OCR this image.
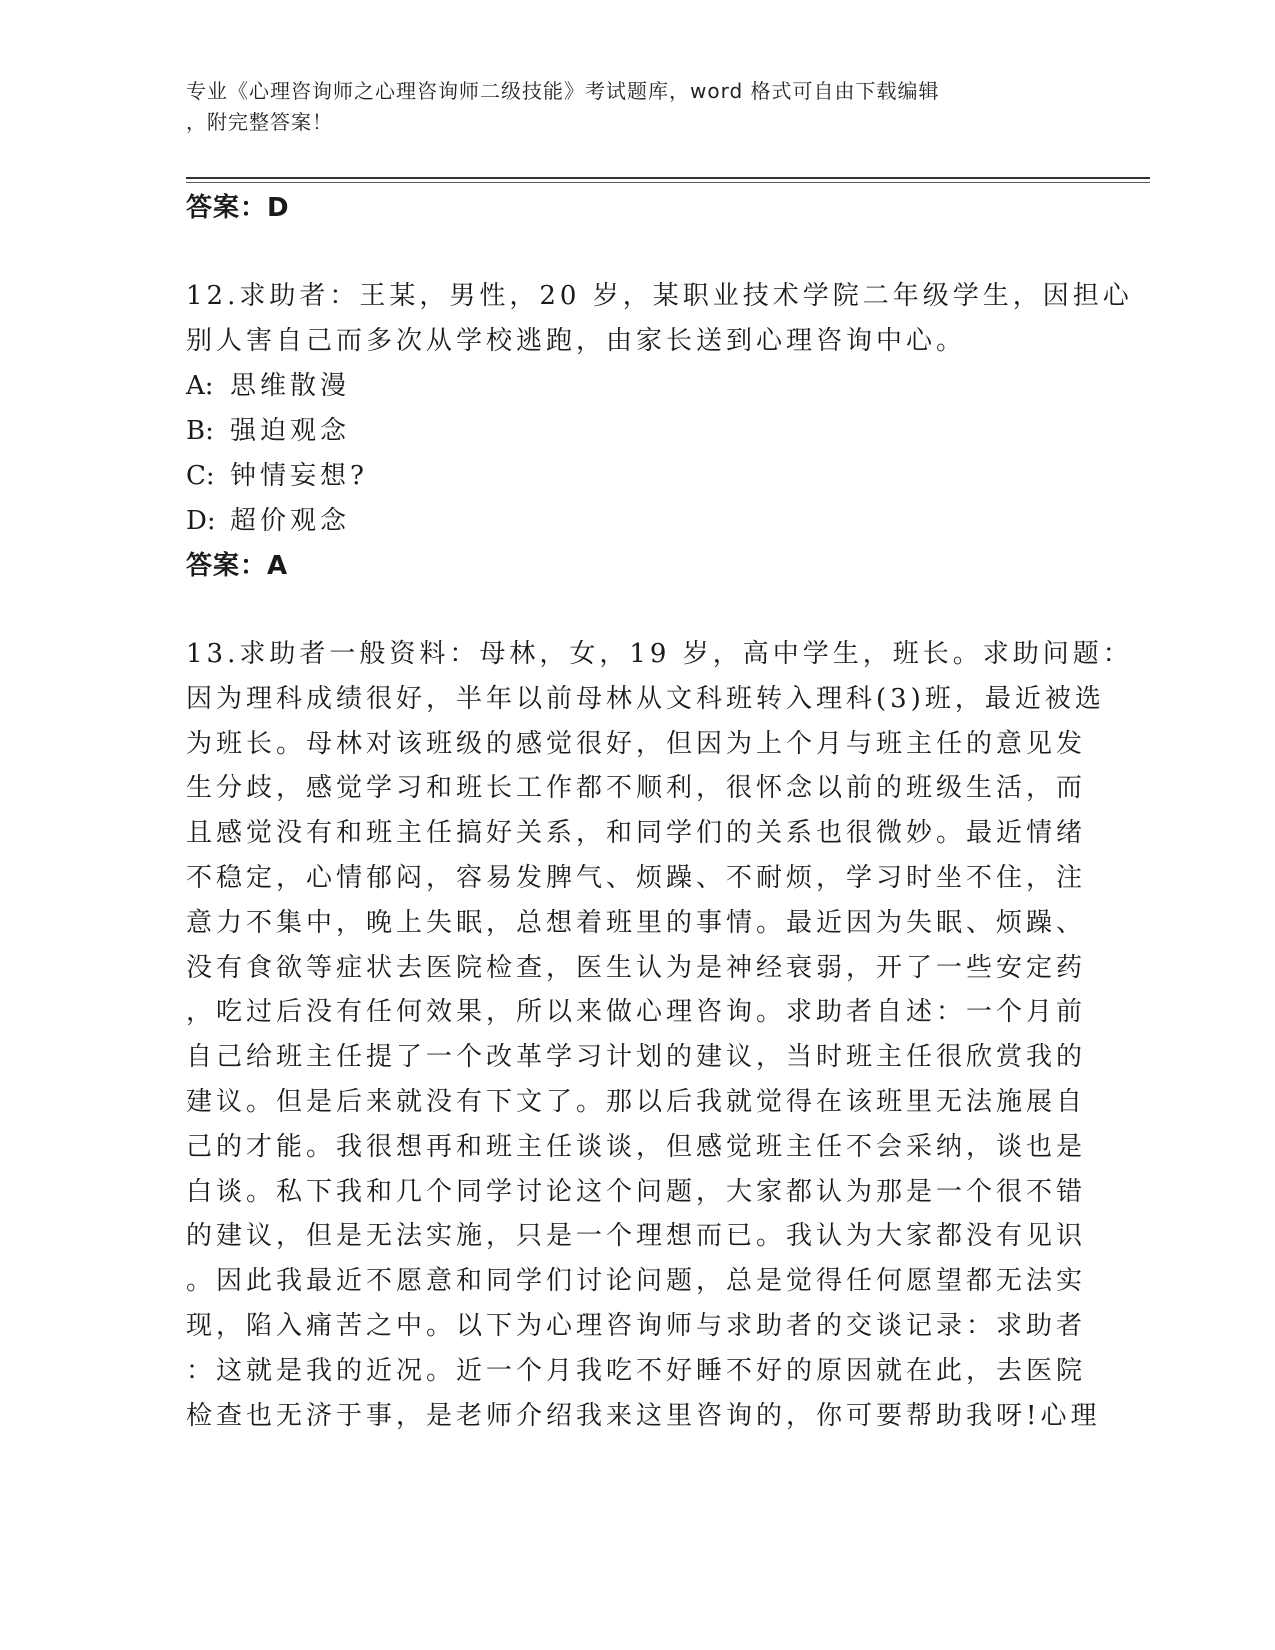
专业《心理咨询师之心理咨询师二级技能》考试题库，word 格式可自由下载编辑
，附完整答案！
答案：D
12.求助者：王某，男性，20 岁，某职业技术学院二年级学生，因担心
别人害自己而多次从学校逃跑，由家长送到心理咨询中心。
A: 思维散漫
B: 强迫观念
C: 钟情妄想?
D: 超价观念
答案：A
13.求助者一般资料：母林，女，19 岁，高中学生，班长。求助问题：
因为理科成绩很好，半年以前母林从文科班转入理科(3)班，最近被选
为班长。母林对该班级的感觉很好，但因为上个月与班主任的意见发
生分歧，感觉学习和班长工作都不顺利，很怀念以前的班级生活，而
且感觉没有和班主任搞好关系，和同学们的关系也很微妙。最近情绪
不稳定，心情郁闷，容易发脾气、烦躁、不耐烦，学习时坐不住，注
意力不集中，晚上失眠，总想着班里的事情。最近因为失眠、烦躁、
没有食欲等症状去医院检查，医生认为是神经衰弱，开了一些安定药
，吃过后没有任何效果，所以来做心理咨询。求助者自述：一个月前
自己给班主任提了一个改革学习计划的建议，当时班主任很欣赏我的
建议。但是后来就没有下文了。那以后我就觉得在该班里无法施展自
己的才能。我很想再和班主任谈谈，但感觉班主任不会采纳，谈也是
白谈。私下我和几个同学讨论这个问题，大家都认为那是一个很不错
的建议，但是无法实施，只是一个理想而已。我认为大家都没有见识
。因此我最近不愿意和同学们讨论问题，总是觉得任何愿望都无法实
现，陷入痛苦之中。以下为心理咨询师与求助者的交谈记录：求助者
：这就是我的近况。近一个月我吃不好睡不好的原因就在此，去医院
检查也无济于事，是老师介绍我来这里咨询的，你可要帮助我呀!心理
